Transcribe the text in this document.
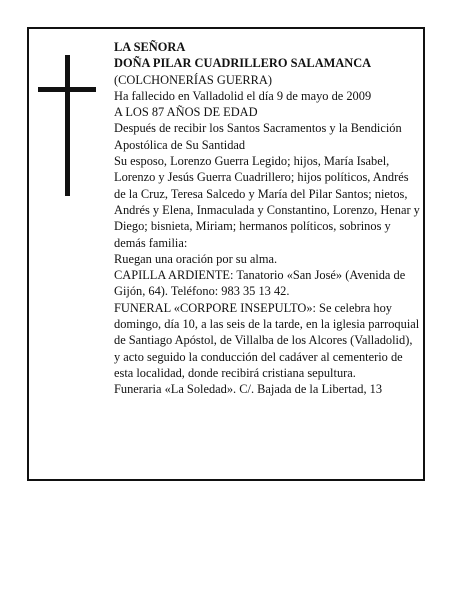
LA SEÑORA

DOÑA PILAR CUADRILLERO SALAMANCA

(COLCHONERÍAS GUERRA)

Ha fallecido en Valladolid el día 9 de mayo de 2009

A LOS 87 AÑOS DE EDAD

Después de recibir los Santos Sacramentos y la Bendición Apostólica de Su Santidad

Su esposo, Lorenzo Guerra Legido; hijos, María Isabel, Lorenzo y Jesús Guerra Cuadrillero; hijos políticos, Andrés de la Cruz, Teresa Salcedo y María del Pilar Santos; nietos, Andrés y Elena, Inmaculada y Constantino, Lorenzo, Henar y Diego; bisnieta, Miriam; hermanos políticos, sobrinos y demás familia:

Ruegan una oración por su alma.

CAPILLA ARDIENTE: Tanatorio «San José» (Avenida de Gijón, 64). Teléfono: 983 35 13 42.

FUNERAL «CORPORE INSEPULTO»: Se celebra hoy domingo, día 10, a las seis de la tarde, en la iglesia parroquial de Santiago Apóstol, de Villalba de los Alcores (Valladolid), y acto seguido la conducción del cadáver al cementerio de esta localidad, donde recibirá cristiana sepultura.

Funeraria «La Soledad». C/. Bajada de la Libertad, 13
